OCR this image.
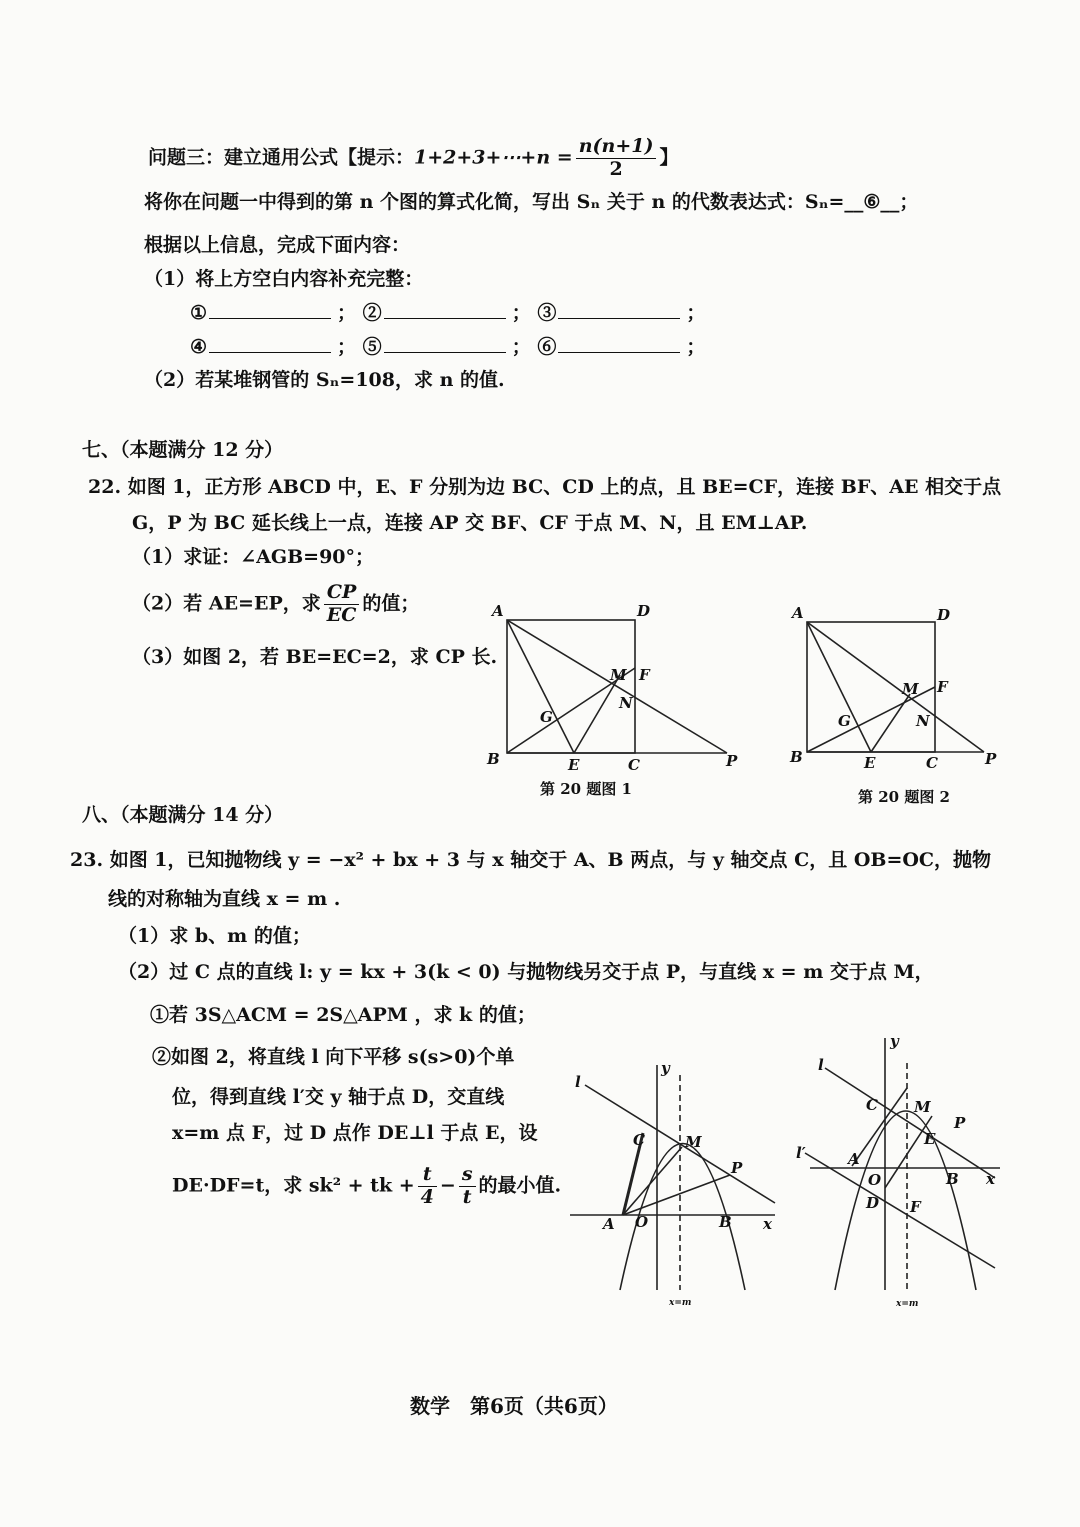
问题三：建立通用公式【提示：1+2+3+⋯+n = $\frac{n(n+1)}{2}$ 】
将你在问题一中得到的第 n 个图的算式化简，写出 Sₙ 关于 n 的代数表达式：Sₙ=__⑥__；
根据以上信息，完成下面内容：
（1）将上方空白内容补充完整：
①	； ②	； ③	；
④	； ⑤	； ⑥	；
（2）若某堆钢管的 Sₙ=108，求 n 的值.
七、（本题满分 12 分）
22. 如图 1，正方形 ABCD 中，E、F 分别为边 BC、CD 上的点，且 BE=CF，连接 BF、AE 相交于点
G，P 为 BC 延长线上一点，连接 AP 交 BF、CF 于点 M、N，且 EM⊥AP.
（1）求证：∠AGB=90°；
（2）若 AE=EP，求 $\frac{CP}{EC}$ 的值；
（3）如图 2，若 BE=EC=2，求 CP 长.
A	D
B	E	C	P
F
M
N
G
第 20 题图 1
A	D
B	E	C	P
F
M
N
G
第 20 题图 2
八、（本题满分 14 分）
23. 如图 1，已知抛物线 y = −x² + bx + 3 与 x 轴交于 A、B 两点，与 y 轴交点 C，且 OB=OC，抛物
线的对称轴为直线 x = m .
（1）求 b、m 的值；
（2）过 C 点的直线 l: y = kx + 3(k < 0) 与抛物线另交于点 P，与直线 x = m 交于点 M，
①若 3S△ACM = 2S△APM ，求 k 的值；
②如图 2，将直线 l 向下平移 s(s>0)个单
位，得到直线 l′交 y 轴于点 D，交直线
x=m 点 F，过 D 点作 DE⊥l 于点 E，设
DE·DF=t，求 sk² + tk + $\frac{t}{4} - \frac{s}{t}$ 的最小值.
l
y
x
A O	B
C	M
P
x=m
l
l′
y
x
A
O	B
C M
E
P
D F
x=m
数学　第6页（共6页）
